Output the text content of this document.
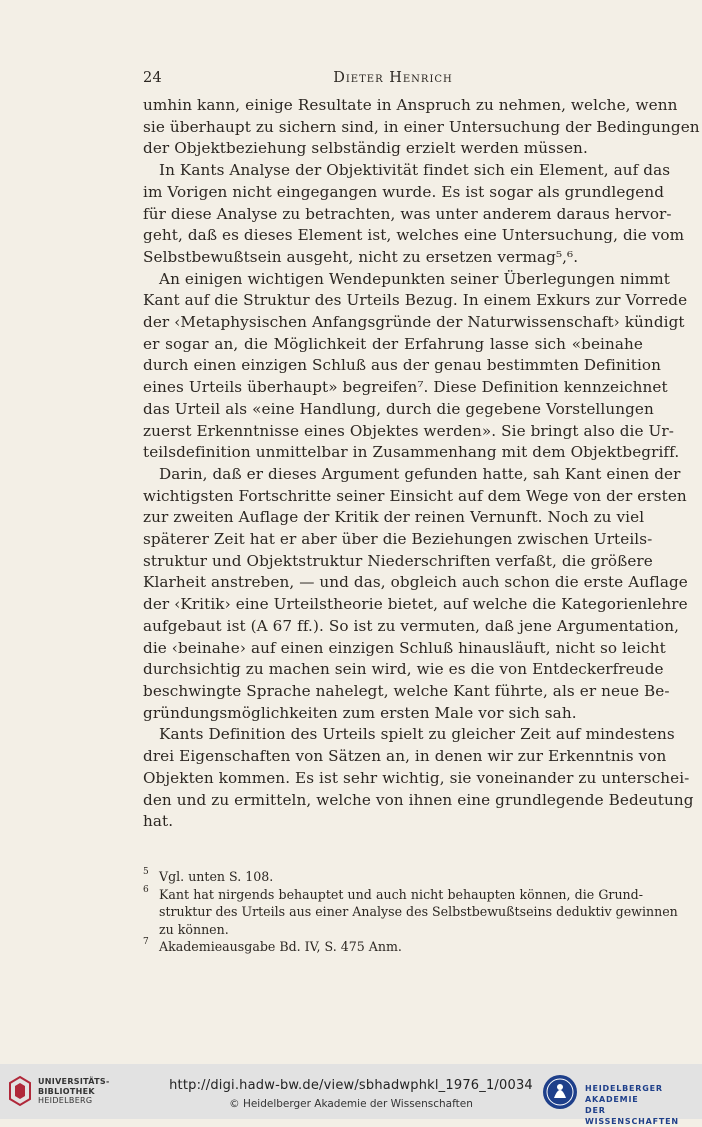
24	Dieter Henrich

umhin kann, einige Resultate in Anspruch zu nehmen, welche, wenn
sie überhaupt zu sichern sind, in einer Untersuchung der Bedingungen
der Objektbeziehung selbständig erzielt werden müssen.

In Kants Analyse der Objektivität findet sich ein Element, auf das
im Vorigen nicht eingegangen wurde. Es ist sogar als grundlegend
für diese Analyse zu betrachten, was unter anderem daraus hervor-
geht, daß es dieses Element ist, welches eine Untersuchung, die vom
Selbstbewußtsein ausgeht, nicht zu ersetzen vermag⁵,⁶.

An einigen wichtigen Wendepunkten seiner Überlegungen nimmt
Kant auf die Struktur des Urteils Bezug. In einem Exkurs zur Vorrede
der ‹Metaphysischen Anfangsgründe der Naturwissenschaft› kündigt
er sogar an, die Möglichkeit der Erfahrung lasse sich «beinahe
durch einen einzigen Schluß aus der genau bestimmten Definition
eines Urteils überhaupt» begreifen⁷. Diese Definition kennzeichnet
das Urteil als «eine Handlung, durch die gegebene Vorstellungen
zuerst Erkenntnisse eines Objektes werden». Sie bringt also die Ur-
teilsdefinition unmittelbar in Zusammenhang mit dem Objektbegriff.

Darin, daß er dieses Argument gefunden hatte, sah Kant einen der
wichtigsten Fortschritte seiner Einsicht auf dem Wege von der ersten
zur zweiten Auflage der Kritik der reinen Vernunft. Noch zu viel
späterer Zeit hat er aber über die Beziehungen zwischen Urteils-
struktur und Objektstruktur Niederschriften verfaßt, die größere
Klarheit anstreben, — und das, obgleich auch schon die erste Auflage
der ‹Kritik› eine Urteilstheorie bietet, auf welche die Kategorienlehre
aufgebaut ist (A 67 ff.). So ist zu vermuten, daß jene Argumentation,
die ‹beinahe› auf einen einzigen Schluß hinausläuft, nicht so leicht
durchsichtig zu machen sein wird, wie es die von Entdeckerfreude
beschwingte Sprache nahelegt, welche Kant führte, als er neue Be-
gründungsmöglichkeiten zum ersten Male vor sich sah.

Kants Definition des Urteils spielt zu gleicher Zeit auf mindestens
drei Eigenschaften von Sätzen an, in denen wir zur Erkenntnis von
Objekten kommen. Es ist sehr wichtig, sie voneinander zu unterschei-
den und zu ermitteln, welche von ihnen eine grundlegende Bedeutung
hat.

5 Vgl. unten S. 108.
6 Kant hat nirgends behauptet und auch nicht behaupten können, die Grund-
struktur des Urteils aus einer Analyse des Selbstbewußtseins deduktiv gewinnen
zu können.
7 Akademieausgabe Bd. IV, S. 475 Anm.
UNIVERSITÄTS-
BIBLIOTHEK
HEIDELBERG
http://digi.hadw-bw.de/view/sbhadwphkl_1976_1/0034
© Heidelberger Akademie der Wissenschaften
HEIDELBERGER AKADEMIE
DER WISSENSCHAFTEN
